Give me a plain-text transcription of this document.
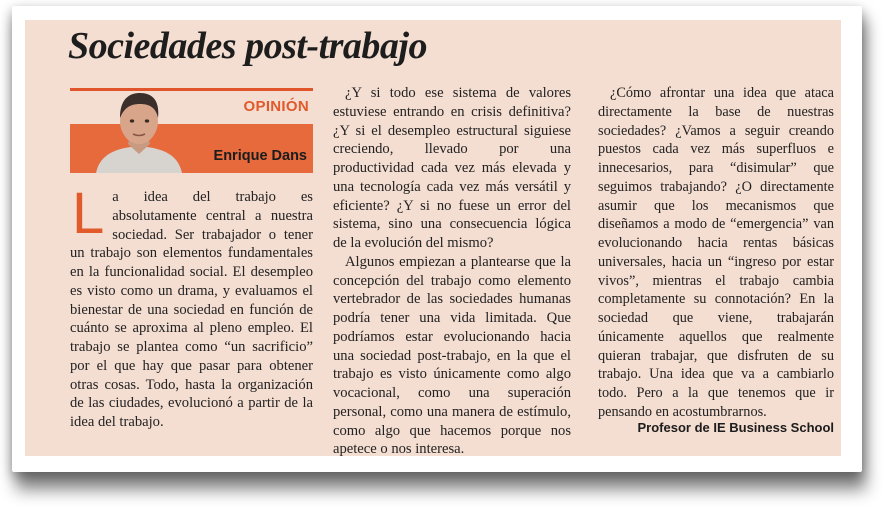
Sociedades post-trabajo
OPINIÓN
Enrique Dans

La idea del trabajo es absolutamente central a nuestra sociedad. Ser trabajador o tener un trabajo son elementos fundamentales en la funcionalidad social. El desempleo es visto como un drama, y evaluamos el bienestar de una sociedad en función de cuánto se aproxima al pleno empleo. El trabajo se plantea como “un sacrificio” por el que hay que pasar para obtener otras cosas. Todo, hasta la organización de las ciudades, evolucionó a partir de la idea del trabajo.

¿Y si todo ese sistema de valores estuviese entrando en crisis definitiva? ¿Y si el desempleo estructural siguiese creciendo, llevado por una productividad cada vez más elevada y una tecnología cada vez más versátil y eficiente? ¿Y si no fuese un error del sistema, sino una consecuencia lógica de la evolución del mismo?

Algunos empiezan a plantearse que la concepción del trabajo como elemento vertebrador de las sociedades humanas podría tener una vida limitada. Que podríamos estar evolucionando hacia una sociedad post-trabajo, en la que el trabajo es visto únicamente como algo vocacional, como una superación personal, como una manera de estímulo, como algo que hacemos porque nos apetece o nos interesa.

¿Cómo afrontar una idea que ataca directamente la base de nuestras sociedades? ¿Vamos a seguir creando puestos cada vez más superfluos e innecesarios, para “disimular” que seguimos trabajando? ¿O directamente asumir que los mecanismos que diseñamos a modo de “emergencia” van evolucionando hacia rentas básicas universales, hacia un “ingreso por estar vivos”, mientras el trabajo cambia completamente su connotación? En la sociedad que viene, trabajarán únicamente aquellos que realmente quieran trabajar, que disfruten de su trabajo. Una idea que va a cambiarlo todo. Pero a la que tenemos que ir pensando en acostumbrarnos.

Profesor de IE Business School
